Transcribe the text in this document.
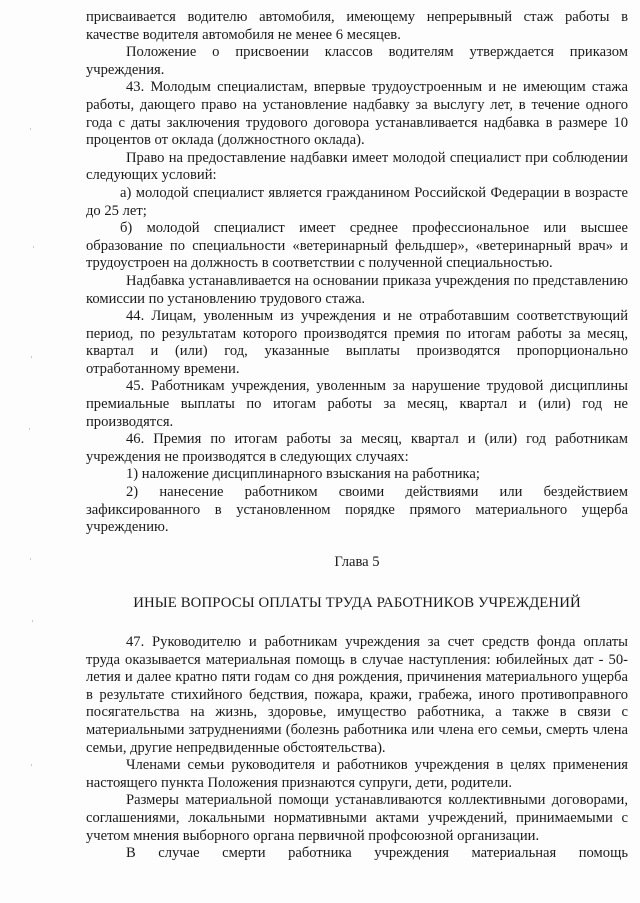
присваивается водителю автомобиля, имеющему непрерывный стаж работы в качестве водителя автомобиля не менее 6 месяцев.

Положение о присвоении классов водителям утверждается приказом учреждения.

43. Молодым специалистам, впервые трудоустроенным и не имеющим стажа работы, дающего право на установление надбавку за выслугу лет, в течение одного года с даты заключения трудового договора устанавливается надбавка в размере 10 процентов от оклада (должностного оклада).

Право на предоставление надбавки имеет молодой специалист при соблюдении следующих условий:

а) молодой специалист является гражданином Российской Федерации в возрасте до 25 лет;

б) молодой специалист имеет среднее профессиональное или высшее образование по специальности «ветеринарный фельдшер», «ветеринарный врач» и трудоустроен на должность в соответствии с полученной специальностью.

Надбавка устанавливается на основании приказа учреждения по представлению комиссии по установлению трудового стажа.

44. Лицам, уволенным из учреждения и не отработавшим соответствующий период, по результатам которого производятся премия по итогам работы за месяц, квартал и (или) год, указанные выплаты производятся пропорционально отработанному времени.

45. Работникам учреждения, уволенным за нарушение трудовой дисциплины премиальные выплаты по итогам работы за месяц, квартал и (или) год не производятся.

46. Премия по итогам работы за месяц, квартал и (или) год работникам учреждения не производятся в следующих случаях:

1) наложение дисциплинарного взыскания на работника;

2) нанесение работником своими действиями или бездействием зафиксированного в установленном порядке прямого материального ущерба учреждению.

Глава 5

ИНЫЕ ВОПРОСЫ ОПЛАТЫ ТРУДА РАБОТНИКОВ УЧРЕЖДЕНИЙ

47. Руководителю и работникам учреждения за счет средств фонда оплаты труда оказывается материальная помощь в случае наступления: юбилейных дат - 50-летия и далее кратно пяти годам со дня рождения, причинения материального ущерба в результате стихийного бедствия, пожара, кражи, грабежа, иного противоправного посягательства на жизнь, здоровье, имущество работника, а также в связи с материальными затруднениями (болезнь работника или члена его семьи, смерть члена семьи, другие непредвиденные обстоятельства).

Членами семьи руководителя и работников учреждения в целях применения настоящего пункта Положения признаются супруги, дети, родители.

Размеры материальной помощи устанавливаются коллективными договорами, соглашениями, локальными нормативными актами учреждений, принимаемыми с учетом мнения выборного органа первичной профсоюзной организации.

В случае смерти работника учреждения материальная помощь
